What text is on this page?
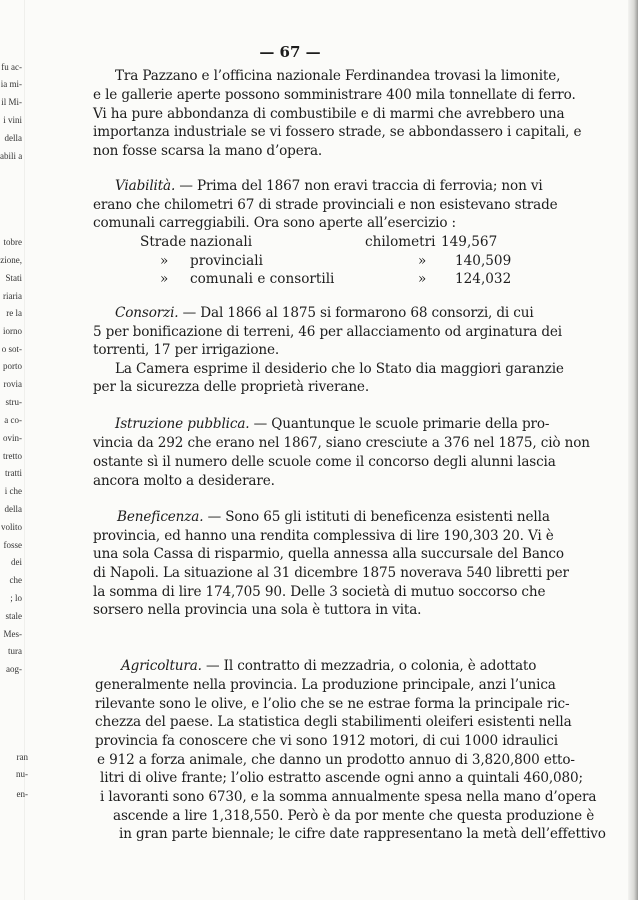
— 67 —
Tra Pazzano e l’officina nazionale Ferdinandea trovasi la limonite,
e le gallerie aperte possono somministrare 400 mila tonnellate di ferro.
Vi ha pure abbondanza di combustibile e di marmi che avrebbero una
importanza industriale se vi fossero strade, se abbondassero i capitali, e
non fosse scarsa la mano d’opera.
Viabilità. — Prima del 1867 non eravi traccia di ferrovia; non vi
erano che chilometri 67 di strade provinciali e non esistevano strade
comunali carreggiabili. Ora sono aperte all’esercizio :
Strade nazionali	chilometri 149,567
» provinciali	» 140,509
» comunali e consortili	» 124,032
Consorzi. — Dal 1866 al 1875 si formarono 68 consorzi, di cui
5 per bonificazione di terreni, 46 per allacciamento od arginatura dei
torrenti, 17 per irrigazione.
La Camera esprime il desiderio che lo Stato dia maggiori garanzie
per la sicurezza delle proprietà riverane.
Istruzione pubblica. — Quantunque le scuole primarie della pro-
vincia da 292 che erano nel 1867, siano cresciute a 376 nel 1875, ciò non
ostante sì il numero delle scuole come il concorso degli alunni lascia
ancora molto a desiderare.
Beneficenza. — Sono 65 gli istituti di beneficenza esistenti nella
provincia, ed hanno una rendita complessiva di lire 190,303 20. Vi è
una sola Cassa di risparmio, quella annessa alla succursale del Banco
di Napoli. La situazione al 31 dicembre 1875 noverava 540 libretti per
la somma di lire 174,705 90. Delle 3 società di mutuo soccorso che
sorsero nella provincia una sola è tuttora in vita.
Agricoltura. — Il contratto di mezzadria, o colonia, è adottato
generalmente nella provincia. La produzione principale, anzi l’unica
rilevante sono le olive, e l’olio che se ne estrae forma la principale ric-
chezza del paese. La statistica degli stabilimenti oleiferi esistenti nella
provincia fa conoscere che vi sono 1912 motori, di cui 1000 idraulici
e 912 a forza animale, che danno un prodotto annuo di 3,820,800 etto-
litri di olive frante; l’olio estratto ascende ogni anno a quintali 460,080;
i lavoranti sono 6730, e la somma annualmente spesa nella mano d’opera
ascende a lire 1,318,550. Però è da por mente che questa produzione è
in gran parte biennale; le cifre date rappresentano la metà dell’effettivo
fu ac-
ia mi-
il Mi-
i vini
della
abili a
tobre
zione,
Stati
riaria
re la
iorno
o sot-
porto
rovia
stru-
a co-
ovin-
tretto
tratti
i che
della
volito
fosse
dei
che
; lo
stale
Mes-
tura
aog-
ran
nu-
en-
